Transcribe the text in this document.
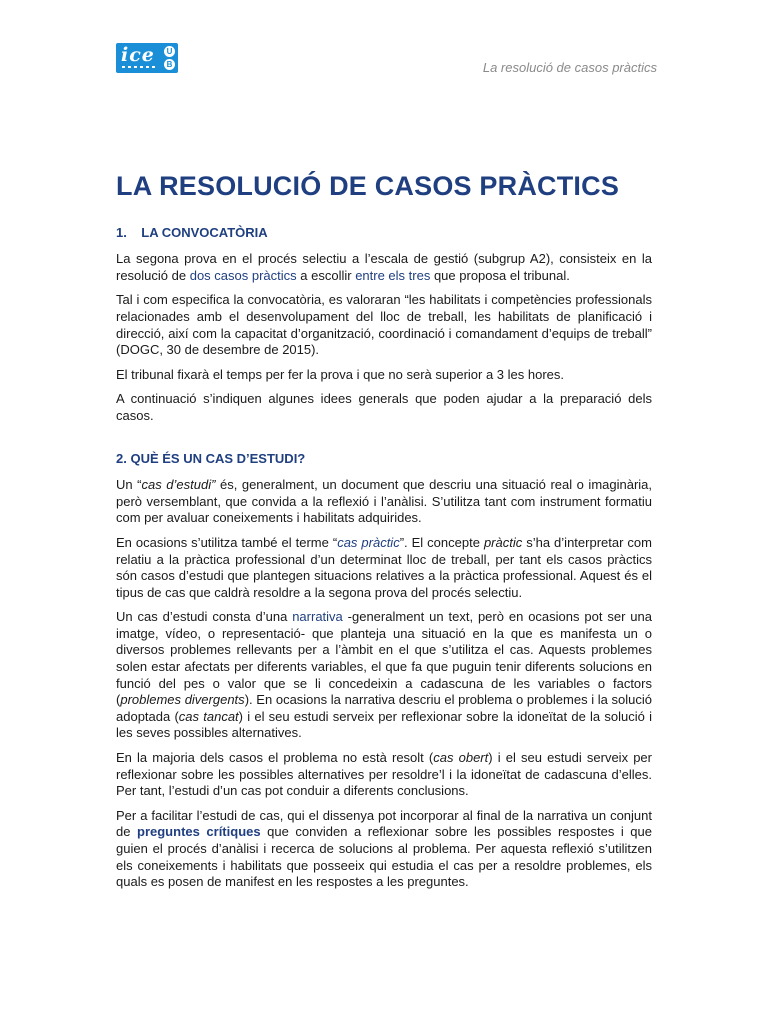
ice	U
B	La resolució de casos pràctics
LA RESOLUCIÓ DE CASOS PRÀCTICS
1.    LA CONVOCATÒRIA

La segona prova en el procés selectiu a l’escala de gestió (subgrup A2), consisteix en la resolució de dos casos pràctics a escollir entre els tres que proposa el tribunal.

Tal i com especifica la convocatòria, es valoraran “les habilitats i competències professionals relacionades amb el desenvolupament del lloc de treball, les habilitats de planificació i direcció, així com la capacitat d’organització, coordinació i comandament d’equips de treball” (DOGC, 30 de desembre de 2015).

El tribunal fixarà el temps per fer la prova i que no serà superior a 3 les hores.

A continuació s’indiquen algunes idees generals que poden ajudar a la preparació dels casos.

2. QUÈ ÉS UN CAS D’ESTUDI?

Un “cas d’estudi” és, generalment, un document que descriu una situació real o imaginària, però versemblant, que convida a la reflexió i l’anàlisi. S’utilitza tant com instrument formatiu com per avaluar coneixements i habilitats adquirides.

En ocasions s’utilitza també el terme “cas pràctic”. El concepte pràctic s’ha d’interpretar com relatiu a la pràctica professional d’un determinat lloc de treball, per tant els casos pràctics són casos d’estudi que plantegen situacions relatives a la pràctica professional. Aquest és el tipus de cas que caldrà resoldre a la segona prova del procés selectiu.

Un cas d’estudi consta d’una narrativa -generalment un text, però en ocasions pot ser una imatge, vídeo, o representació- que planteja una situació en la que es manifesta un o diversos problemes rellevants per a l’àmbit en el que s’utilitza el cas. Aquests problemes solen estar afectats per diferents variables, el que fa que puguin tenir diferents solucions en funció del pes o valor que se li concedeixin a cadascuna de les variables o factors (problemes divergents). En ocasions la narrativa descriu el problema o problemes i la solució adoptada (cas tancat) i el seu estudi serveix per reflexionar sobre la idoneïtat de la solució i les seves possibles alternatives.

En la majoria dels casos el problema no està resolt (cas obert) i el seu estudi serveix per reflexionar sobre les possibles alternatives per resoldre’l i la idoneïtat de cadascuna d’elles. Per tant, l’estudi d’un cas pot conduir a diferents conclusions.

Per a facilitar l’estudi de cas, qui el dissenya pot incorporar al final de la narrativa un conjunt de preguntes crítiques que conviden a reflexionar sobre les possibles respostes i que guien el procés d’anàlisi i recerca de solucions al problema. Per aquesta reflexió s’utilitzen els coneixements i habilitats que posseeix qui estudia el cas per a resoldre problemes, els quals es posen de manifest en les respostes a les preguntes.
